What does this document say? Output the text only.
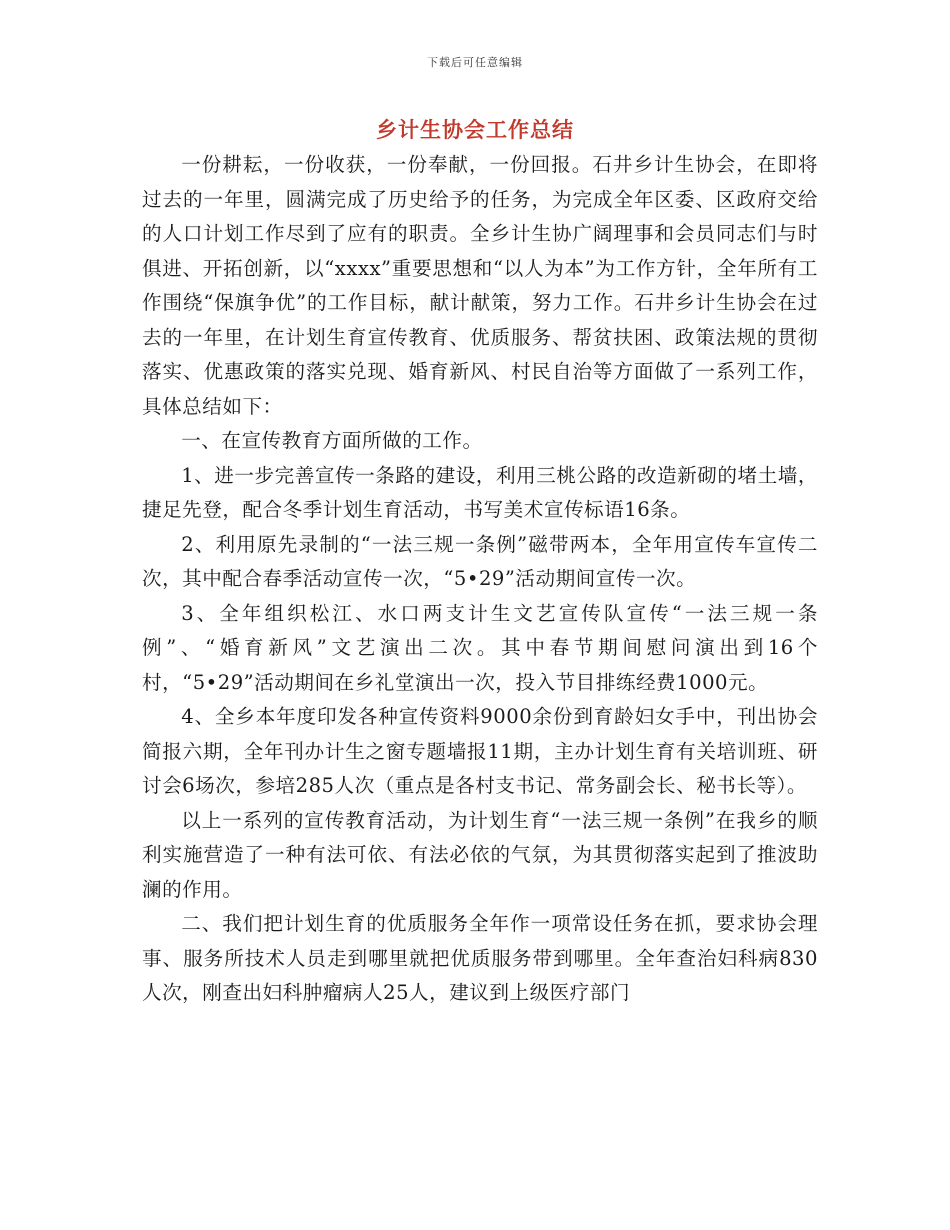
下载后可任意编辑
乡计生协会工作总结

一份耕耘，一份收获，一份奉献，一份回报。石井乡计生协会，在即将过去的一年里，圆满完成了历史给予的任务，为完成全年区委、区政府交给的人口计划工作尽到了应有的职责。全乡计生协广阔理事和会员同志们与时俱进、开拓创新，以“xxxx”重要思想和“以人为本”为工作方针，全年所有工作围绕“保旗争优”的工作目标，献计献策，努力工作。石井乡计生协会在过去的一年里，在计划生育宣传教育、优质服务、帮贫扶困、政策法规的贯彻落实、优惠政策的落实兑现、婚育新风、村民自治等方面做了一系列工作，具体总结如下：

一、在宣传教育方面所做的工作。

1、进一步完善宣传一条路的建设，利用三桃公路的改造新砌的堵土墙，捷足先登，配合冬季计划生育活动，书写美术宣传标语16条。

2、利用原先录制的“一法三规一条例”磁带两本，全年用宣传车宣传二次，其中配合春季活动宣传一次，“5•29”活动期间宣传一次。

3、全年组织松江、水口两支计生文艺宣传队宣传“一法三规一条例”、“婚育新风”文艺演出二次。其中春节期间慰问演出到16个村，“5•29”活动期间在乡礼堂演出一次，投入节目排练经费1000元。

4、全乡本年度印发各种宣传资料9000余份到育龄妇女手中，刊出协会简报六期，全年刊办计生之窗专题墙报11期，主办计划生育有关培训班、研讨会6场次，参培285人次（重点是各村支书记、常务副会长、秘书长等）。

以上一系列的宣传教育活动，为计划生育“一法三规一条例”在我乡的顺利实施营造了一种有法可依、有法必依的气氛，为其贯彻落实起到了推波助澜的作用。

二、我们把计划生育的优质服务全年作一项常设任务在抓，要求协会理事、服务所技术人员走到哪里就把优质服务带到哪里。全年查治妇科病830人次，刚查出妇科肿瘤病人25人，建议到上级医疗部门
